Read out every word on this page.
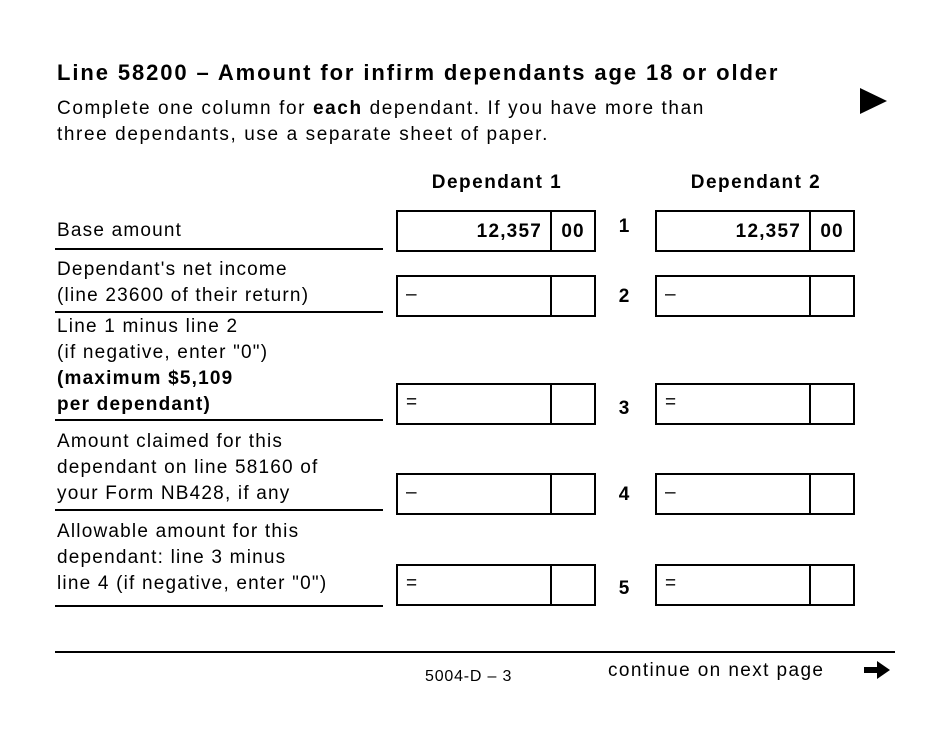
Line 58200 – Amount for infirm dependants age 18 or older
Complete one column for each dependant. If you have more than
three dependants, use a separate sheet of paper.
Dependant 1	Dependant 2
Base amount	12,357	00	1	12,357	00
Dependant's net income
(line 23600 of their return)	–	2	–
Line 1 minus line 2
(if negative, enter "0")
(maximum $5,109
per dependant)	=	3	=
Amount claimed for this
dependant on line 58160 of
your Form NB428, if any	–	4	–
Allowable amount for this
dependant: line 3 minus
line 4 (if negative, enter "0")	=	5	=
5004-D – 3	continue on next page
